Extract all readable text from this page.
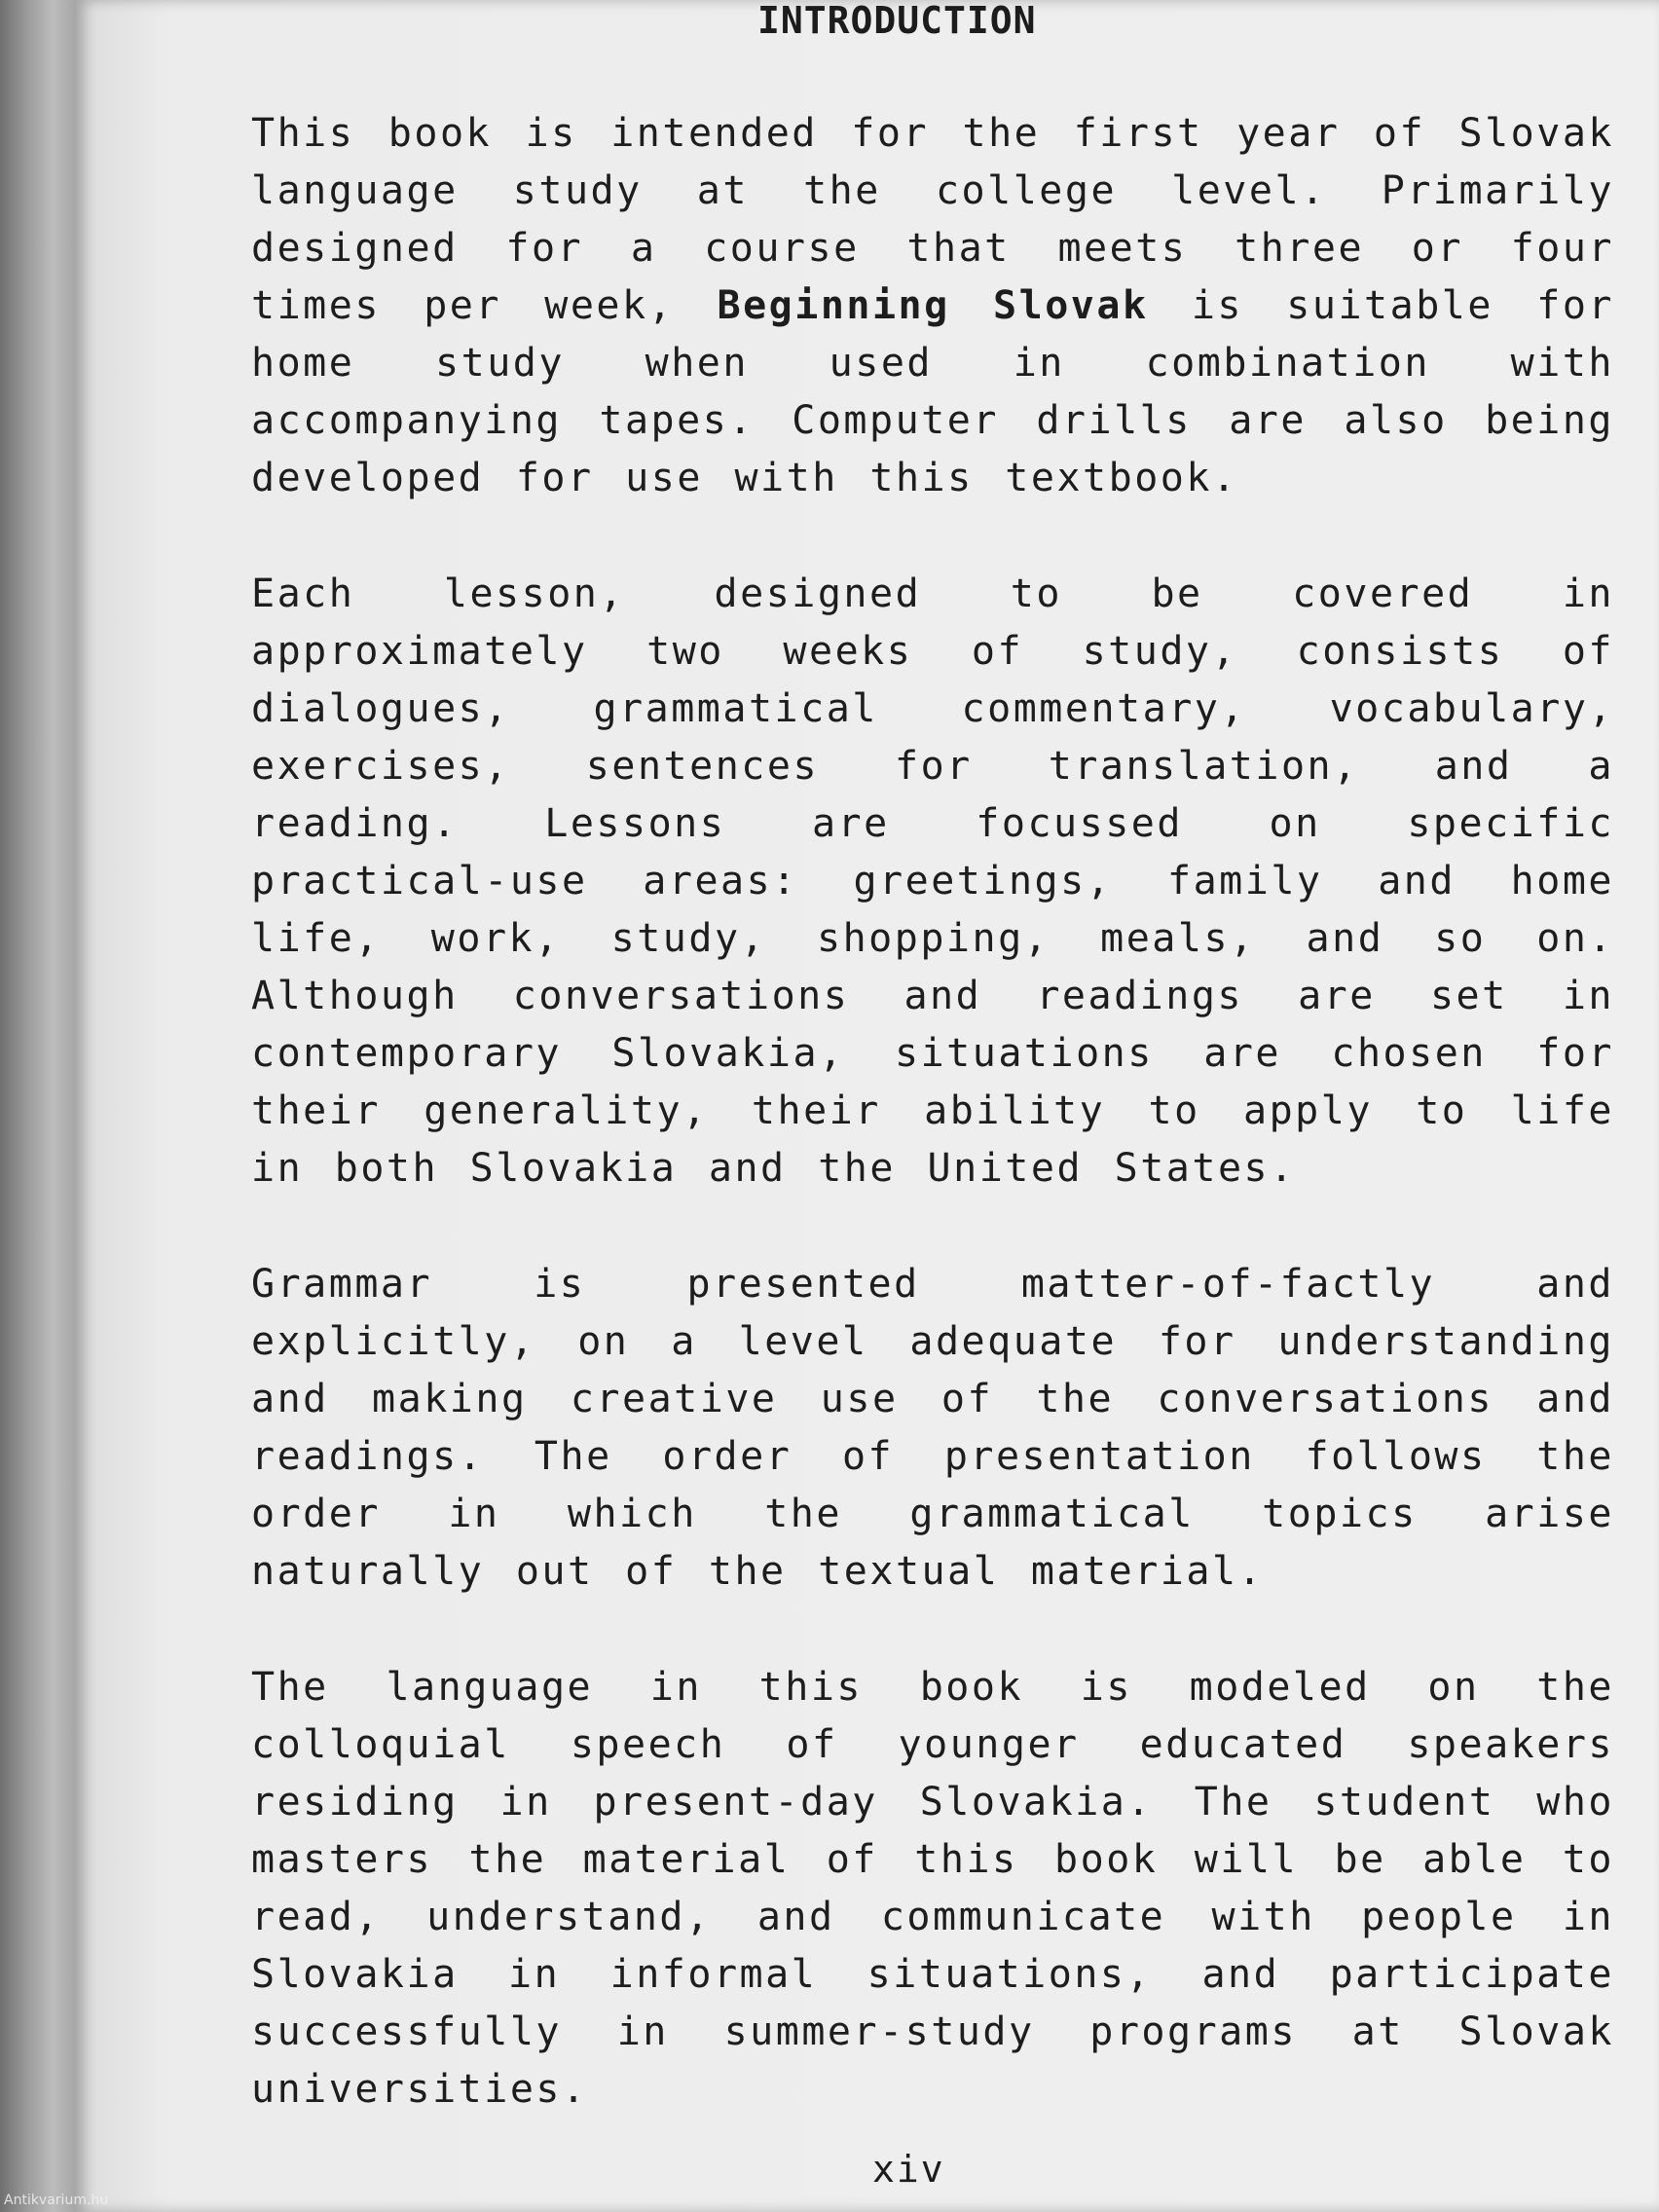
INTRODUCTION

This book is intended for the first year of Slovak language study at the college level. Primarily designed for a course that meets three or four times per week, Beginning Slovak is suitable for home study when used in combination with accompanying tapes. Computer drills are also being developed for use with this textbook.

Each lesson, designed to be covered in approximately two weeks of study, consists of dialogues, grammatical commentary, vocabulary, exercises, sentences for translation, and a reading. Lessons are focussed on specific practical-use areas: greetings, family and home life, work, study, shopping, meals, and so on. Although conversations and readings are set in contemporary Slovakia, situations are chosen for their generality, their ability to apply to life in both Slovakia and the United States.

Grammar is presented matter-of-factly and explicitly, on a level adequate for understanding and making creative use of the conversations and readings. The order of presentation follows the order in which the grammatical topics arise naturally out of the textual material.

The language in this book is modeled on the colloquial speech of younger educated speakers residing in present-day Slovakia. The student who masters the material of this book will be able to read, understand, and communicate with people in Slovakia in informal situations, and participate successfully in summer-study programs at Slovak universities.

xiv
Antikvarium.hu
